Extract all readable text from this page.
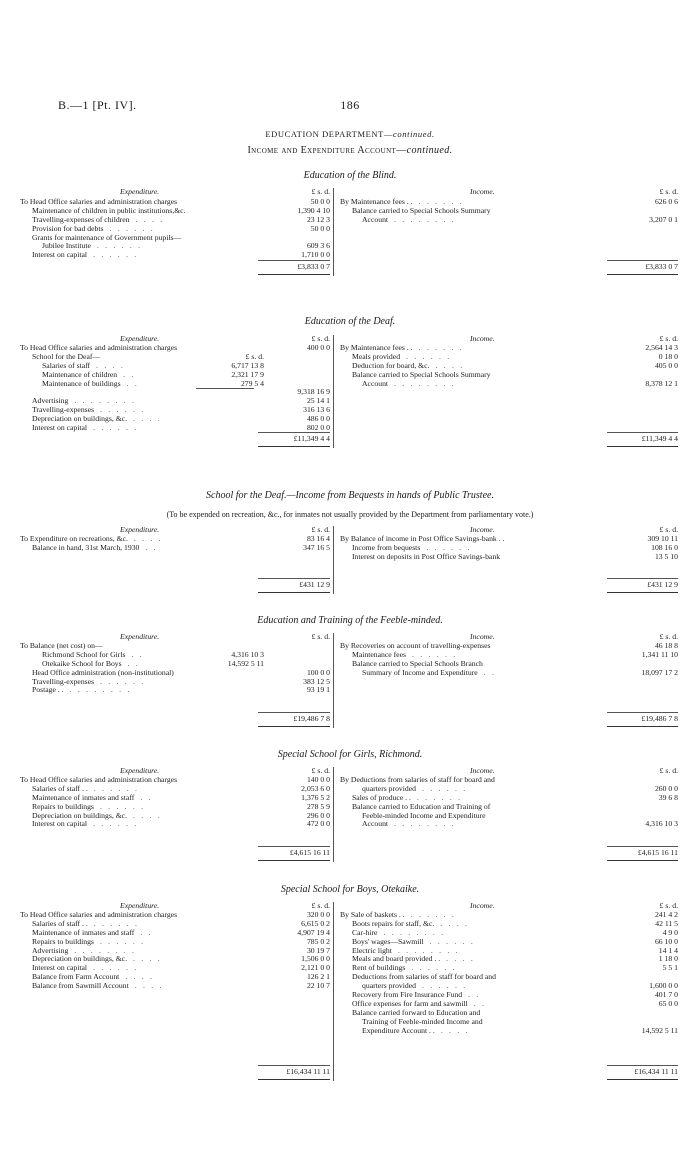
B.—1 [Pt. IV].	186
EDUCATION DEPARTMENT—continued.
Income and Expenditure Account—continued.
Education of the Blind.
Expenditure.	£ s. d.
To Head Office salaries and administration charges	50 0 0
Maintenance of children in public institutions,&c.	1,390 4 10
Travelling-expenses of children . . . .	23 12 3
Provision for bad debts . . . . . .	50 0 0
Grants for maintenance of Government pupils—
Jubilee Institute . . . . . .	609 3 6
Interest on capital . . . . . .	1,710 0 0
Income.	£ s. d.
By Maintenance fees . . . . . . . .	626 0 6
Balance carried to Special Schools Summary
Account . . . . . . . .	3,207 0 1
£3,833 0 7	£3,833 0 7
Education of the Deaf.
Expenditure.	£ s. d.
To Head Office salaries and administration charges	400 0 0
School for the Deaf—	£ s. d.
Salaries of staff . . . .	6,717 13 8
Maintenance of children . .	2,321 17 9
Maintenance of buildings . .	279 5 4
9,318 16 9
Advertising . . . . . . . .	25 14 1
Travelling-expenses . . . . . .	316 13 6
Depreciation on buildings, &c. . . . .	486 0 0
Interest on capital . . . . . .	802 0 0
Income.	£ s. d.
By Maintenance fees . . . . . . . .	2,564 14 3
Meals provided . . . . . .	0 18 0
Deduction for board, &c. . . . .	405 0 0
Balance carried to Special Schools Summary
Account . . . . . . . .	8,378 12 1
£11,349 4 4	£11,349 4 4
School for the Deaf.—Income from Bequests in hands of Public Trustee.
(To be expended on recreation, &c., for inmates not usually provided by the Department from parliamentary vote.)
Expenditure.	£ s. d.
To Expenditure on recreations, &c. . . . .	83 16 4
Balance in hand, 31st March, 1930 . .	347 16 5
Income.	£ s. d.
By Balance of income in Post Office Savings-bank . .	309 10 11
Income from bequests . . . . . .	108 16 0
Interest on deposits in Post Office Savings-bank	13 5 10
£431 12 9	£431 12 9
Education and Training of the Feeble-minded.
Expenditure.	£ s. d.
To Balance (net cost) on—
Richmond School for Girls . .	4,316 10 3
Otekaike School for Boys . .	14,592 5 11
Head Office administration (non-institutional)	100 0 0
Travelling-expenses . . . . . .	383 12 5
Postage . . . . . . . . . .	93 19 1
Income.	£ s. d.
By Recoveries on account of travelling-expenses	46 18 8
Maintenance fees . . . . . .	1,341 11 10
Balance carried to Special Schools Branch
Summary of Income and Expenditure . .	18,097 17 2
£19,486 7 8	£19,486 7 8
Special School for Girls, Richmond.
Expenditure.	£ s. d.
To Head Office salaries and administration charges	140 0 0
Salaries of staff . . . . . . . .	2,053 6 0
Maintenance of inmates and staff . .	1,376 5 2
Repairs to buildings . . . . . .	278 5 9
Depreciation on buildings, &c. . . . .	296 0 0
Interest on capital . . . . . .	472 0 0
Income.	£ s. d.
By Deductions from salaries of staff for board and
quarters provided . . . . . .	260 0 0
Sales of produce . . . . . . . .	39 6 8
Balance carried to Education and Training of
Feeble-minded Income and Expenditure
Account . . . . . . . .	4,316 10 3
£4,615 16 11	£4,615 16 11
Special School for Boys, Otekaike.
Expenditure.	£ s. d.
To Head Office salaries and administration charges	320 0 0
Salaries of staff . . . . . . . .	6,615 0 2
Maintenance of inmates and staff . .	4,907 19 4
Repairs to buildings . . . . . .	785 0 2
Advertising . . . . . . . .	30 19 7
Depreciation on buildings, &c. . . . .	1,506 0 0
Interest on capital . . . . . .	2,121 0 0
Balance from Farm Account . . . .	126 2 1
Balance from Sawmill Account . . . .	22 10 7
Income.	£ s. d.
By Sale of baskets . . . . . . . .	241 4 2
Boots repairs for staff, &c. . . . .	42 11 5
Car-hire . . . . . . . .	4 9 0
Boys' wages—Sawmill . . . . . .	66 10 0
Electric light . . . . . . . .	14 1 4
Meals and board provided . . . . . .	1 18 0
Rent of buildings . . . . . .	5 5 1
Deductions from salaries of staff for board and
quarters provided . . . . . .	1,600 0 0
Recovery from Fire Insurance Fund . .	401 7 0
Office expenses for farm and sawmill . .	65 0 0
Balance carried forward to Education and
Training of Feeble-minded Income and
Expenditure Account . . . . . .	14,592 5 11
£16,434 11 11	£16,434 11 11
